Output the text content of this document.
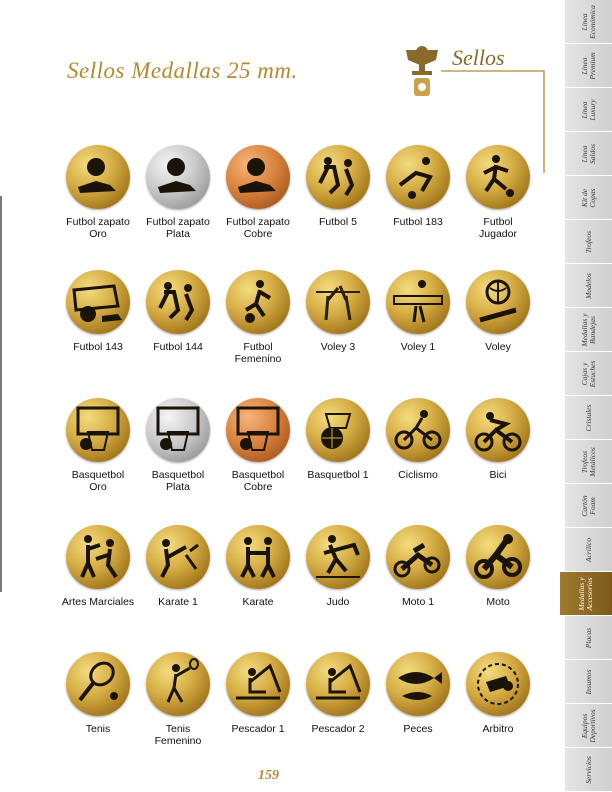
Sellos Medallas 25 mm.
Sellos
Futbol zapato
Oro
Futbol zapato
Plata
Futbol zapato
Cobre
Futbol 5	Futbol 183	Futbol
Jugador
Futbol 143	Futbol 144	Futbol
Femenino
Voley 3	Voley 1	Voley
Basquetbol
Oro
Basquetbol
Plata
Basquetbol
Cobre
Basquetbol 1	Ciclismo	Bici
Artes Marciales	Karate 1	Karate	Judo	Moto 1	Moto
Tenis	Tenis
Femenino
Pescador 1	Pescador 2	Peces	Arbitro
Línea
Económica
Línea
Premium
Línea
Luxury
Línea
Saldos
Kit de
Copas
Trofeos
Modelos
Medallas y
Bandejas
Cajas y
Estuches
Cristales
Trofeos
Metálicos
Cartón
Foam
Acrílico
Medallas y
Accesorios
Placas
Insumos
Equipos
Deportivos
Servicios
159
